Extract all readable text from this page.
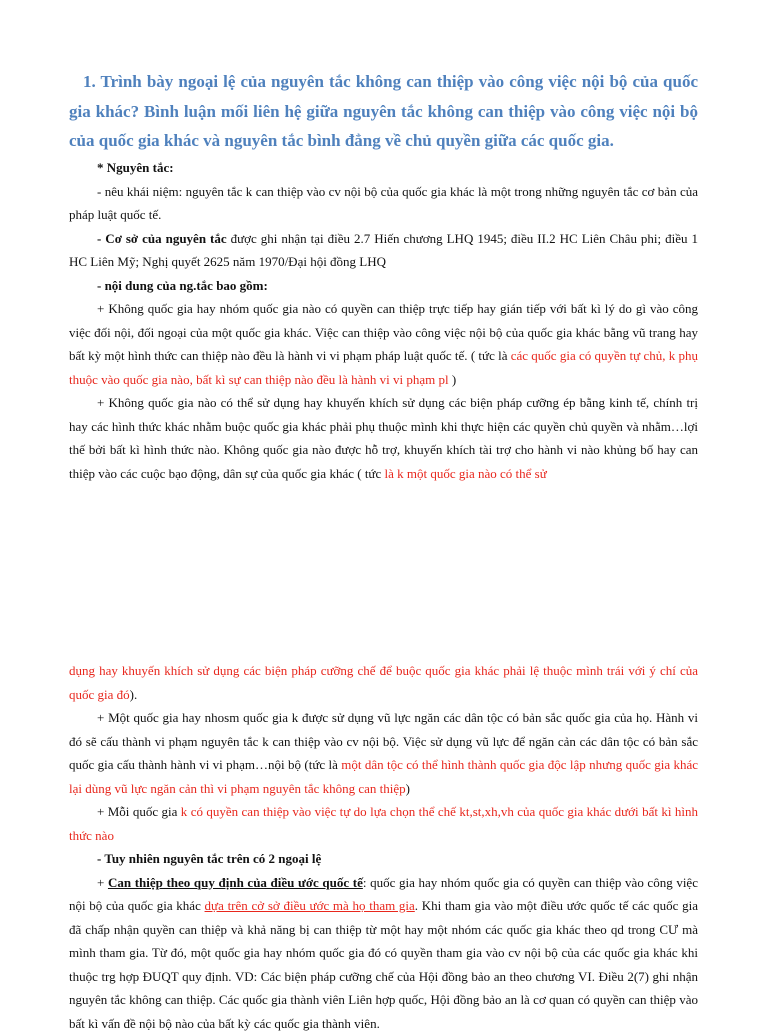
1. Trình bày ngoại lệ của nguyên tắc không can thiệp vào công việc nội bộ của quốc gia khác? Bình luận mối liên hệ giữa nguyên tắc không can thiệp vào công việc nội bộ của quốc gia khác và nguyên tắc bình đẳng về chủ quyền giữa các quốc gia.

* Nguyên tắc:

- nêu khái niệm: nguyên tắc k can thiệp vào cv nội bộ của quốc gia khác là một trong những nguyên tắc cơ bản của pháp luật quốc tế.

- Cơ sở của nguyên tắc được ghi nhận tại điều 2.7 Hiến chương LHQ 1945; điều II.2 HC Liên Châu phi; điều 1 HC Liên Mỹ; Nghị quyết 2625 năm 1970/Đại hội đồng LHQ

- nội dung của ng.tắc bao gồm:

+ Không quốc gia hay nhóm quốc gia nào có quyền can thiệp trực tiếp hay gián tiếp với bất kì lý do gì vào công việc đối nội, đối ngoại của một quốc gia khác. Việc can thiệp vào công việc nội bộ của quốc gia khác bằng vũ trang hay bất kỳ một hình thức can thiệp nào đều là hành vi vi phạm pháp luật quốc tế. ( tức là các quốc gia có quyền tự chủ, k phụ thuộc vào quốc gia nào, bất kì sự can thiệp nào đều là hành vi vi phạm pl )

+ Không quốc gia nào có thể sử dụng hay khuyến khích sử dụng các biện pháp cưỡng ép bằng kinh tế, chính trị hay các hình thức khác nhằm buộc quốc gia khác phải phụ thuộc mình khi thực hiện các quyền chủ quyền và nhằm…lợi thế bởi bất kì hình thức nào. Không quốc gia nào được hỗ trợ, khuyến khích tài trợ cho hành vi nào khủng bố hay can thiệp vào các cuộc bạo động, dân sự của quốc gia khác ( tức là k một quốc gia nào có thể sử

dụng hay khuyến khích sử dụng các biện pháp cưỡng chế để buộc quốc gia khác phải lệ thuộc mình trái với ý chí của quốc gia đó).

+ Một quốc gia hay nhosm quốc gia k được sử dụng vũ lực ngăn các dân tộc có bản sắc quốc gia của họ. Hành vi đó sẽ cấu thành vi phạm nguyên tắc k can thiệp vào cv nội bộ. Việc sử dụng vũ lực để ngăn cản các dân tộc có bản sắc quốc gia cấu thành hành vi vi phạm…nội bộ (tức là một dân tộc có thể hình thành quốc gia độc lập nhưng quốc gia khác lại dùng vũ lực ngăn cản thì vi phạm nguyên tắc không can thiệp)

+ Mỗi quốc gia k có quyền can thiệp vào việc tự do lựa chọn thể chế kt,st,xh,vh của quốc gia khác dưới bất kì hình thức nào

- Tuy nhiên nguyên tắc trên có 2 ngoại lệ

+ Can thiệp theo quy định của điều ước quốc tế: quốc gia hay nhóm quốc gia có quyền can thiệp vào công việc nội bộ của quốc gia khác dựa trên cở sở điều ước mà họ tham gia. Khi tham gia vào một điều ước quốc tế các quốc gia đã chấp nhận quyền can thiệp và khả năng bị can thiệp từ một hay một nhóm các quốc gia khác theo qd trong CƯ mà mình tham gia. Từ đó, một quốc gia hay nhóm quốc gia đó có quyền tham gia vào cv nội bộ của các quốc gia khác khi thuộc trg hợp ĐUQT quy định. VD: Các biện pháp cưỡng chế của Hội đồng bảo an theo chương VI. Điều 2(7) ghi nhận nguyên tắc không can thiệp. Các quốc gia thành viên Liên hợp quốc, Hội đồng bảo an là cơ quan có quyền can thiệp vào bất kì vấn đề nội bộ nào của bất kỳ các quốc gia thành viên.
